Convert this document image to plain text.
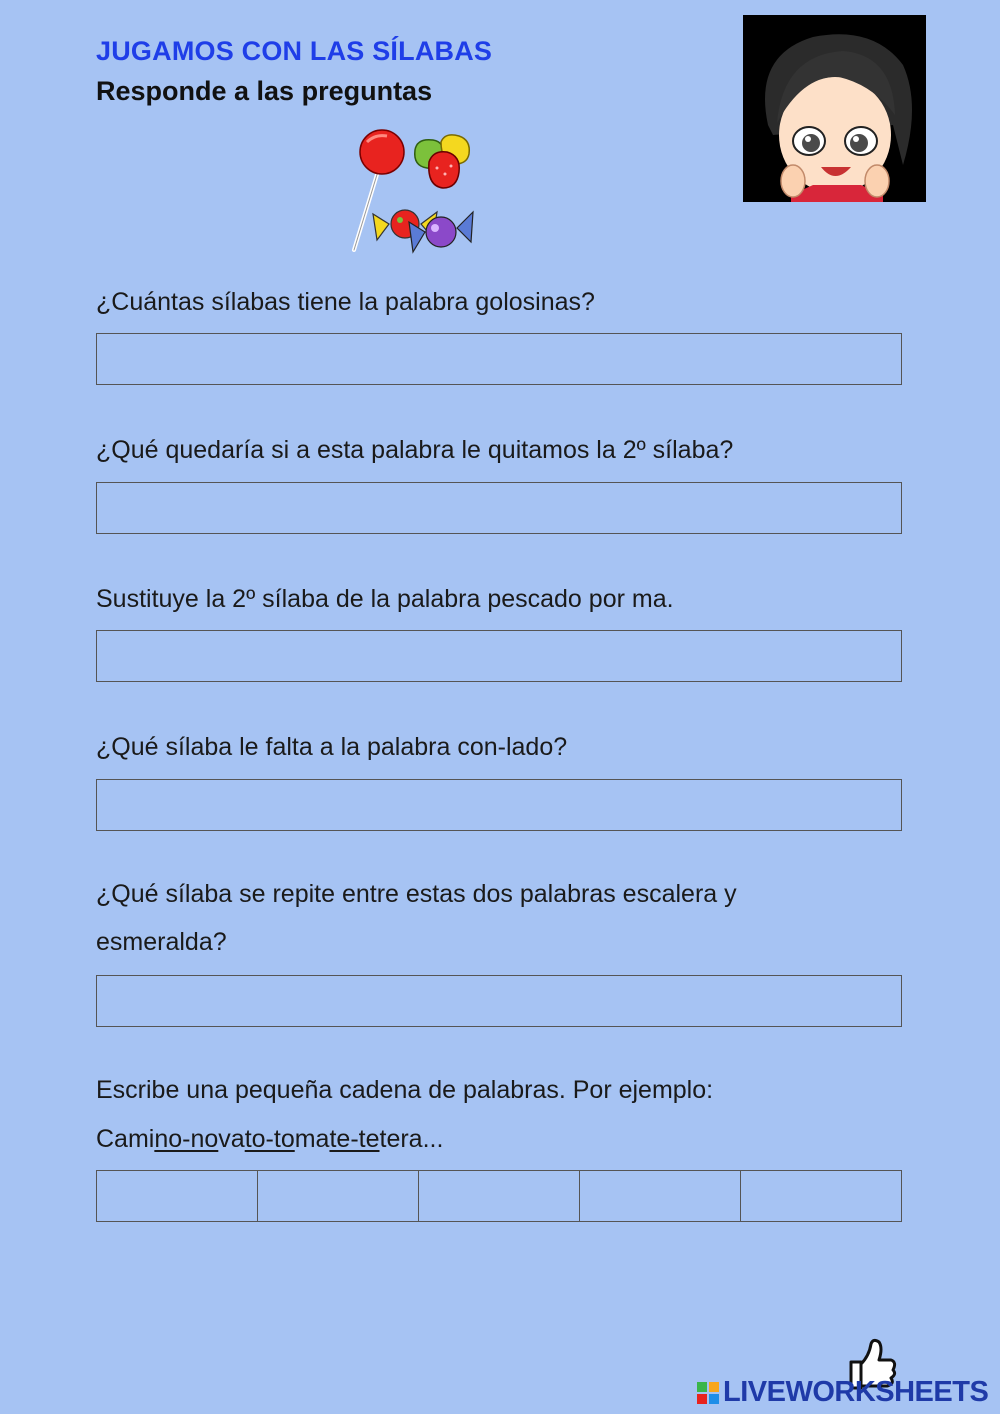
JUGAMOS CON LAS SÍLABAS
Responde a las preguntas
¿Cuántas sílabas tiene la palabra golosinas?
¿Qué quedaría si a esta palabra le quitamos la 2º sílaba?
Sustituye la 2º sílaba de la palabra pescado por ma.
¿Qué sílaba le falta a la palabra con-lado?
¿Qué sílaba se repite entre estas dos palabras escalera y esmeralda?
Escribe una pequeña cadena de palabras. Por ejemplo:
Camino-novato-tomate-tetera...
LIVEWORKSHEETS
